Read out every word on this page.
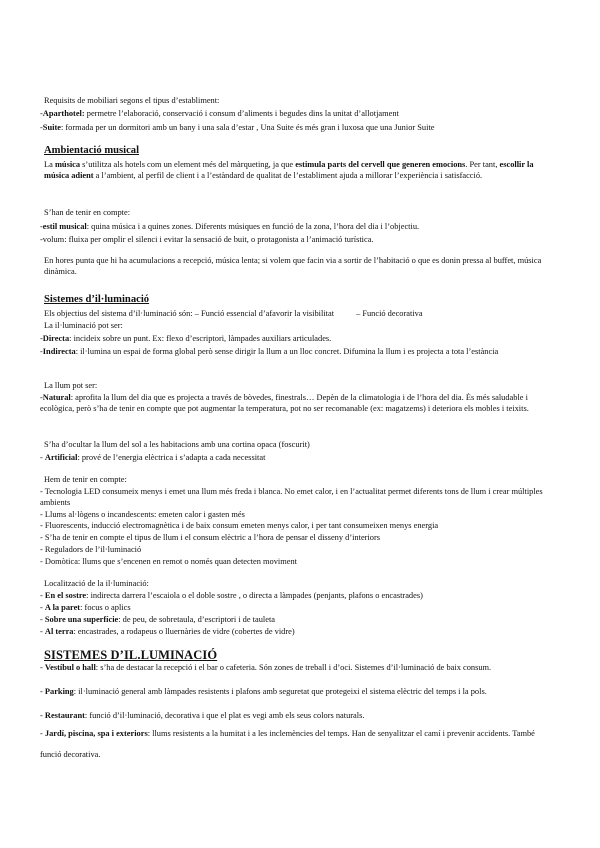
Requisits de mobiliari segons el tipus d’establiment:
-Aparthotel: permetre l’elaboració, conservació i consum d’aliments i begudes dins la unitat d’allotjament
-Suite: formada per un dormitori amb un bany i una sala d’estar , Una Suite és més gran i luxosa que una Junior Suite
Ambientació musical
La música s’utilitza als hotels com un element més del màrqueting, ja que estimula parts del cervell que generen emocions. Per tant, escollir la música adient a l’ambient, al perfil de client i a l’estàndard de qualitat de l’establiment ajuda a millorar l’experiència i satisfacció.
S’han de tenir en compte:
-estil musical: quina música i a quines zones. Diferents músiques en funció de la zona, l’hora del dia i l’objectiu.
-volum: fluixa per omplir el silenci i evitar la sensació de buit, o protagonista a l’animació turística.
En hores punta que hi ha acumulacions a recepció, música lenta; si volem que facin via a sortir de l’habitació o que es donin pressa al buffet, música dinàmica.
Sistemes d’il·luminació
Els objectius del sistema d’il·luminació són: – Funció essencial d’afavorir la visibilitat	– Funció decorativa
La il·luminació pot ser:
-Directa: incideix sobre un punt. Ex: flexo d’escriptori, làmpades auxiliars articulades.
-Indirecta: il·lumina un espai de forma global però sense dirigir la llum a un lloc concret. Difumina la llum i es projecta a tota l’estància
La llum pot ser:
-Natural: aprofita la llum del dia que es projecta a través de bòvedes, finestrals… Depèn de la climatologia i de l’hora del dia. És més saludable i ecològica, però s’ha de tenir en compte que pot augmentar la temperatura, pot no ser recomanable (ex: magatzems) i deteriora els mobles i teixits.
S’ha d’ocultar la llum del sol a les habitacions amb una cortina opaca (foscurit)
- Artificial: prové de l’energia elèctrica i s’adapta a cada necessitat
Hem de tenir en compte:
- Tecnologia LED consumeix menys i emet una llum més freda i blanca. No emet calor, i en l’actualitat permet diferents tons de llum i crear múltiples ambients
- Llums al·lògens o incandescents: emeten calor i gasten més
- Fluorescents, inducció electromagnètica i de baix consum emeten menys calor, i per tant consumeixen menys energia
- S’ha de tenir en compte el tipus de llum i el consum elèctric a l’hora de pensar el disseny d’interiors
- Reguladors de l’il·luminació
- Domòtica: llums que s’encenen en remot o només quan detecten moviment
Localització de la il·luminació:
- En el sostre: indirecta darrera l’escaiola o el doble sostre , o directa a làmpades (penjants, plafons o encastrades)
- A la paret: focus o aplics
- Sobre una superfície: de peu, de sobretaula, d’escriptori i de tauleta
- Al terra: encastrades, a rodapeus o lluernàries de vidre (cobertes de vidre)
SISTEMES D’IL.LUMINACIÓ
- Vestíbul o hall: s’ha de destacar la recepció i el bar o cafeteria. Són zones de treball i d’oci. Sistemes d’il·luminació de baix consum.
- Parking: il·luminació general amb làmpades resistents i plafons amb seguretat que protegeixi el sistema elèctric del temps i la pols.
- Restaurant: funció d’il·luminació, decorativa i que el plat es vegi amb els seus colors naturals.
- Jardí, piscina, spa i exteriors: llums resistents a la humitat i a les inclemències del temps. Han de senyalitzar el camí i prevenir accidents. També funció decorativa.
